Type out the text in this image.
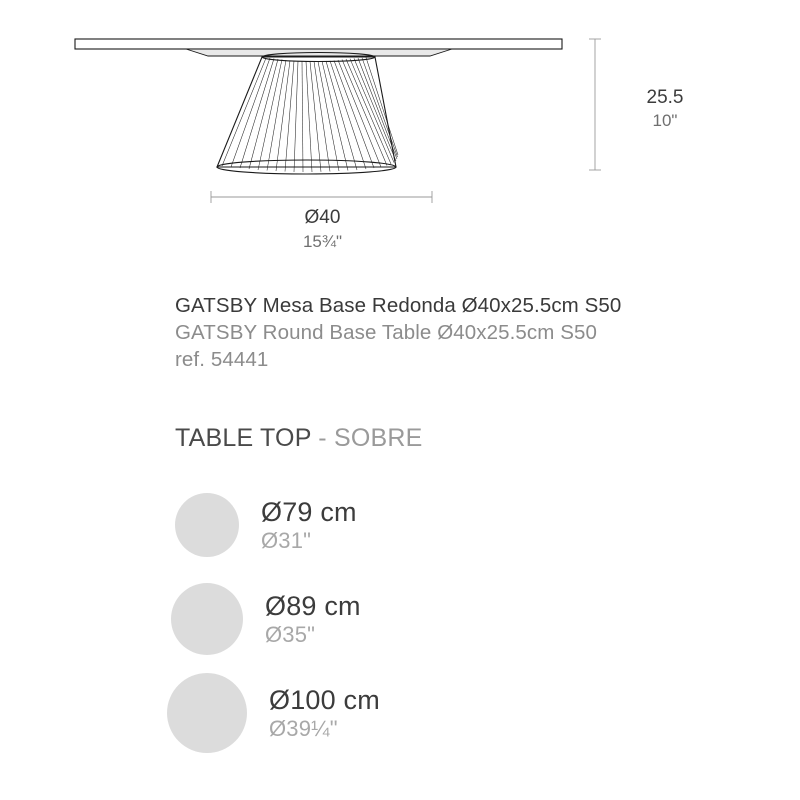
25.5
10"
Ø40
15¾"
GATSBY Mesa Base Redonda Ø40x25.5cm S50
GATSBY Round Base Table Ø40x25.5cm S50
ref. 54441
TABLE TOP - SOBRE
Ø79 cm
Ø31"
Ø89 cm
Ø35"
Ø100 cm
Ø39¼"
